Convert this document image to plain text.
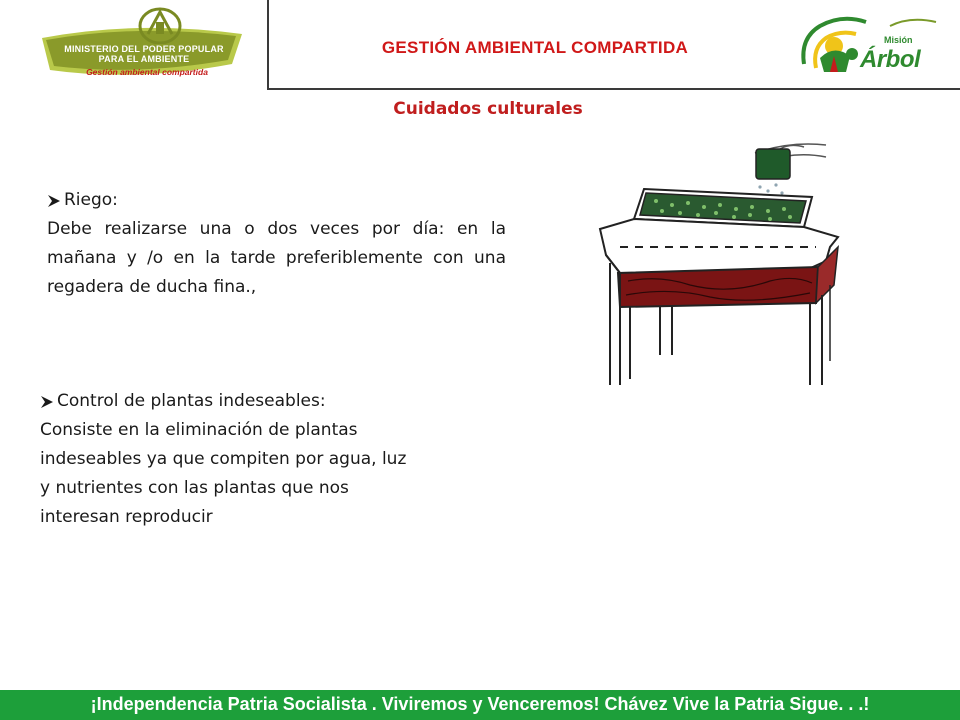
MINISTERIO DEL PODER POPULAR
PARA EL AMBIENTE
Gestión ambiental compartida
GESTIÓN AMBIENTAL COMPARTIDA	Misión
Árbol
Cuidados culturales
Riego:

Debe realizarse una o dos veces por día: en la mañana y /o en la tarde preferiblemente con una regadera de ducha fina.,

Control de plantas indeseables:
Consiste en la eliminación de plantas
indeseables ya que compiten por agua, luz
y nutrientes con las plantas que nos
interesan reproducir
¡Independencia Patria Socialista . Viviremos y Venceremos! Chávez Vive la Patria Sigue. . .!
